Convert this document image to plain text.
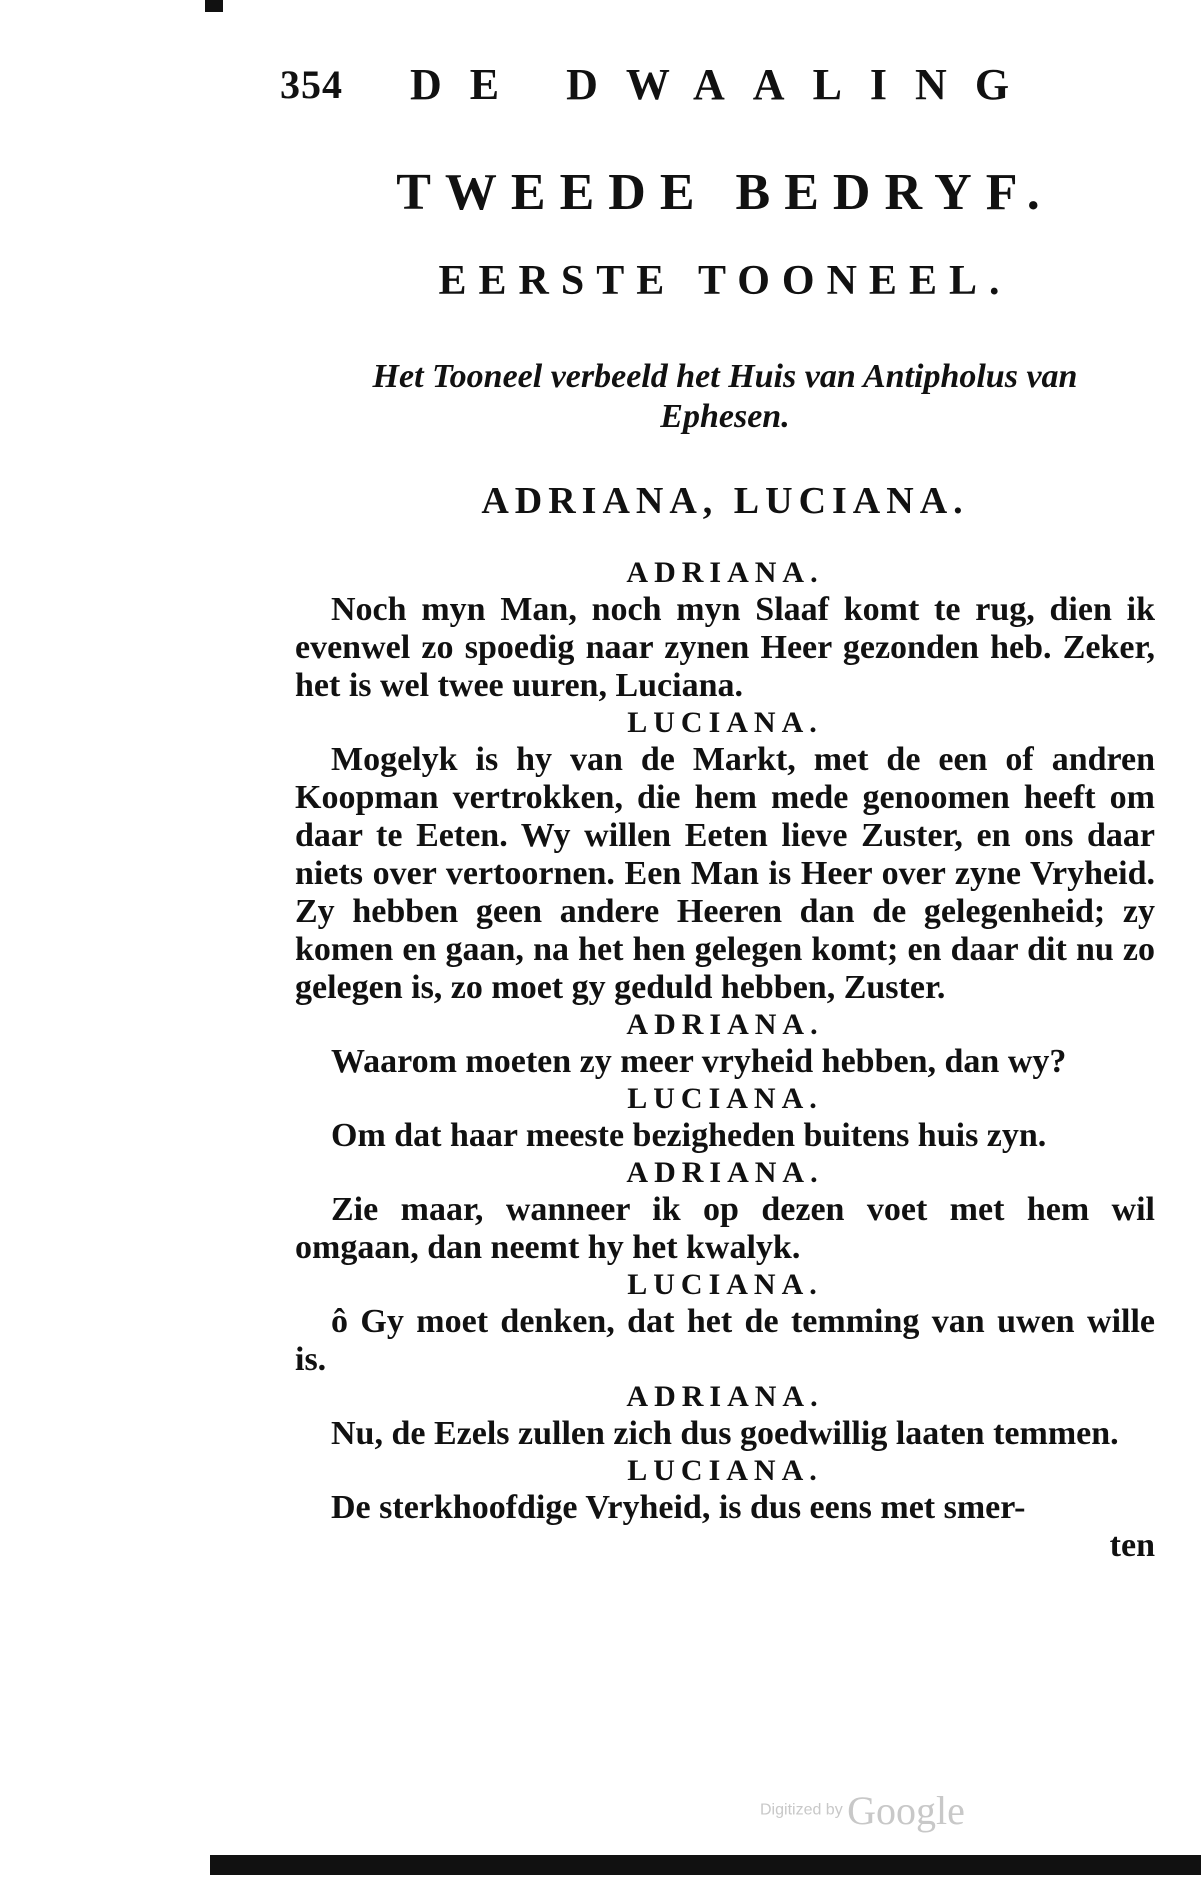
354 DE DWAALING
TWEEDE BEDRYF.
EERSTE TOONEEL.
Het Tooneel verbeeld het Huis van Antipholus van Ephesen.
ADRIANA, LUCIANA.
ADRIANA.
Noch myn Man, noch myn Slaaf komt te rug, dien ik evenwel zo spoedig naar zynen Heer gezonden heb. Zeker, het is wel twee uuren, Luciana.
LUCIANA.
Mogelyk is hy van de Markt, met de een of andren Koopman vertrokken, die hem mede genoomen heeft om daar te Eeten. Wy willen Eeten lieve Zuster, en ons daar niets over vertoornen. Een Man is Heer over zyne Vryheid. Zy hebben geen andere Heeren dan de gelegenheid; zy komen en gaan, na het hen gelegen komt; en daar dit nu zo gelegen is, zo moet gy geduld hebben, Zuster.
ADRIANA.
Waarom moeten zy meer vryheid hebben, dan wy?
LUCIANA.
Om dat haar meeste bezigheden buitens huis zyn.
ADRIANA.
Zie maar, wanneer ik op dezen voet met hem wil omgaan, dan neemt hy het kwalyk.
LUCIANA.
ô Gy moet denken, dat het de temming van uwen wille is.
ADRIANA.
Nu, de Ezels zullen zich dus goedwillig laaten temmen.
LUCIANA.
De sterkhoofdige Vryheid, is dus eens met smer-
ten
Digitized by Google
